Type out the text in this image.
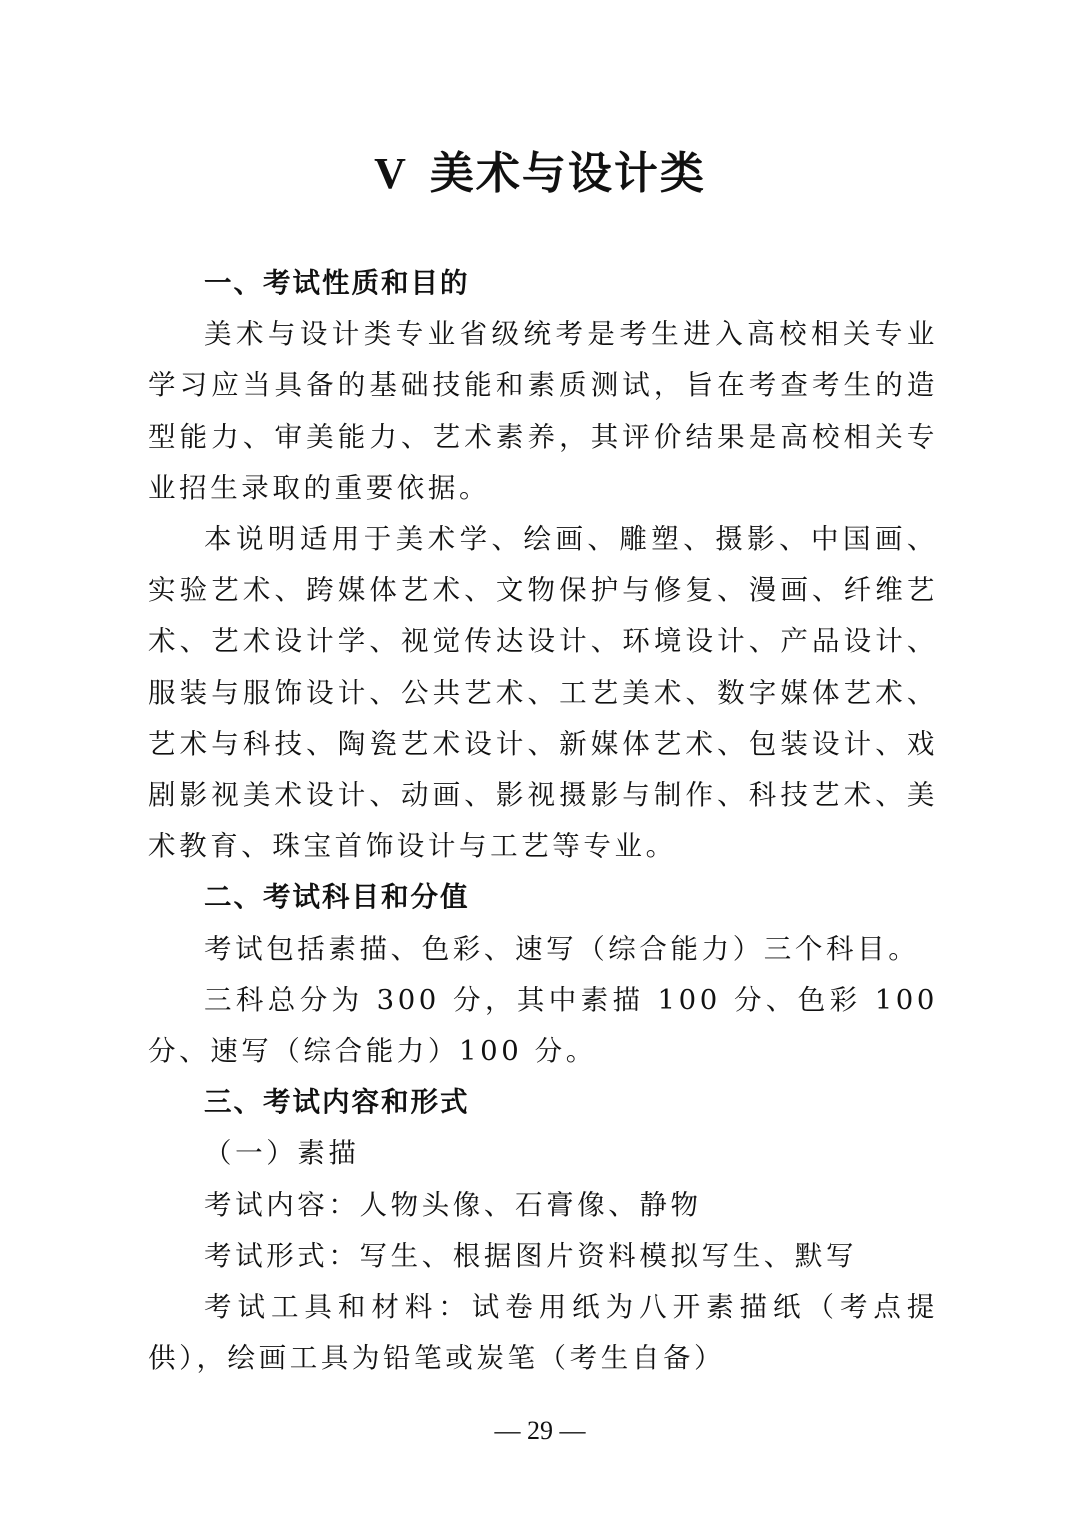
V 美术与设计类

一、考试性质和目的

美术与设计类专业省级统考是考生进入高校相关专业学习应当具备的基础技能和素质测试，旨在考查考生的造型能力、审美能力、艺术素养，其评价结果是高校相关专业招生录取的重要依据。

本说明适用于美术学、绘画、雕塑、摄影、中国画、实验艺术、跨媒体艺术、文物保护与修复、漫画、纤维艺术、艺术设计学、视觉传达设计、环境设计、产品设计、服装与服饰设计、公共艺术、工艺美术、数字媒体艺术、艺术与科技、陶瓷艺术设计、新媒体艺术、包装设计、戏剧影视美术设计、动画、影视摄影与制作、科技艺术、美术教育、珠宝首饰设计与工艺等专业。

二、考试科目和分值

考试包括素描、色彩、速写（综合能力）三个科目。

三科总分为 300 分，其中素描 100 分、色彩 100 分、速写（综合能力）100 分。

三、考试内容和形式

（一）素描

考试内容：人物头像、石膏像、静物

考试形式：写生、根据图片资料模拟写生、默写

考试工具和材料：试卷用纸为八开素描纸（考点提供），绘画工具为铅笔或炭笔（考生自备）

— 29 —
